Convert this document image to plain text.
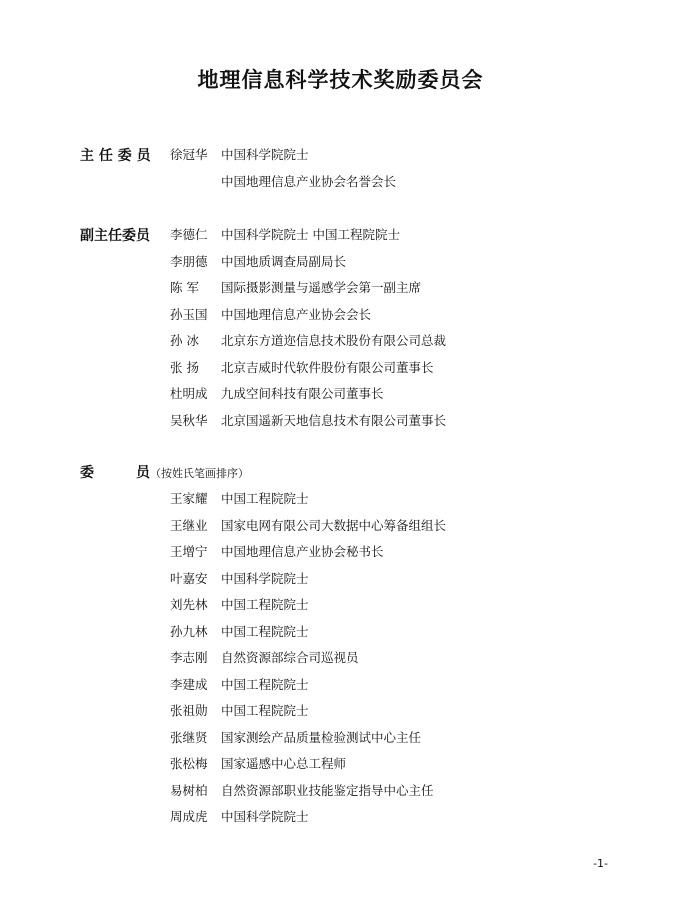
地理信息科学技术奖励委员会
主 任 委 员 徐冠华 中国科学院院士
中国地理信息产业协会名誉会长
副主任委员 李德仁 中国科学院院士 中国工程院院士
李朋德 中国地质调查局副局长
陈 军 国际摄影测量与遥感学会第一副主席
孙玉国 中国地理信息产业协会会长
孙 冰 北京东方道迩信息技术股份有限公司总裁
张 扬 北京吉威时代软件股份有限公司董事长
杜明成 九成空间科技有限公司董事长
吴秋华 北京国遥新天地信息技术有限公司董事长
委　　　员（按姓氏笔画排序）
王家耀 中国工程院院士
王继业 国家电网有限公司大数据中心筹备组组长
王增宁 中国地理信息产业协会秘书长
叶嘉安 中国科学院院士
刘先林 中国工程院院士
孙九林 中国工程院院士
李志刚 自然资源部综合司巡视员
李建成 中国工程院院士
张祖勋 中国工程院院士
张继贤 国家测绘产品质量检验测试中心主任
张松梅 国家遥感中心总工程师
易树柏 自然资源部职业技能鉴定指导中心主任
周成虎 中国科学院院士
-1-
